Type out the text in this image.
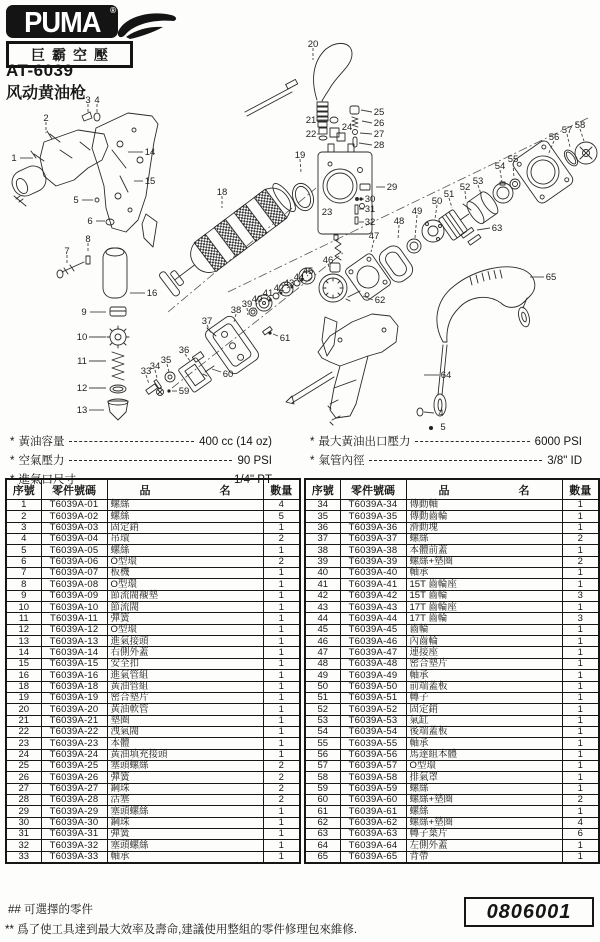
PUMA ®
巨霸空壓
AT-6039
风动黄油枪 3 4
2
1
14
15
5
6
8
7
9
10
11
12
13
16
18
20
21
22
24
25
26
27
28
19
23
29
30
31
32
33
34
35
36
37
38
39 40
41 42 43
44
45
59
60
61
46
47
48
49
50
51
52
53
54
55
56
57 58
62
63
65
64
4
5
* 黃油容量	400 cc (14 oz)
* 空氣壓力	90 PSI
* 進氣口尺寸	1/4" PT
* 最大黃油出口壓力	6000 PSI
* 氣管內徑	3/8" ID
序號	零件號碼	品 名	數量
1	T6039A-01	螺絲	4
2	T6039A-02	螺絲	5
3	T6039A-03	固定銷	1
4	T6039A-04	吊環	2
5	T6039A-05	螺絲	1
6	T6039A-06	O型環	2
7	T6039A-07	板機	1
8	T6039A-08	O型環	1
9	T6039A-09	節流閥襯墊	1
10	T6039A-10	節流閥	1
11	T6039A-11	彈簧	1
12	T6039A-12	O型環	1
13	T6039A-13	進氣接頭	1
14	T6039A-14	右側外蓋	1
15	T6039A-15	安全扣	1
16	T6039A-16	進氣管組	1
18	T6039A-18	黃油管組	1
19	T6039A-19	密合墊片	1
20	T6039A-20	黃油軟管	1
21	T6039A-21	墊圈	1
22	T6039A-22	洩氣閥	1
23	T6039A-23	本體	1
24	T6039A-24	黃油填充接頭	1
25	T6039A-25	塞頭螺絲	2
26	T6039A-26	彈簧	2
27	T6039A-27	鋼珠	2
28	T6039A-28	活塞	2
29	T6039A-29	塞頭螺絲	1
30	T6039A-30	鋼珠	1
31	T6039A-31	彈簧	1
32	T6039A-32	塞頭螺絲	1
33	T6039A-33	軸承	1
序號	零件號碼	品 名	數量
34	T6039A-34	傳動軸	1
35	T6039A-35	傳動齒輪	1
36	T6039A-36	滑動塊	1
37	T6039A-37	螺絲	2
38	T6039A-38	本體前蓋	1
39	T6039A-39	螺絲+墊圈	2
40	T6039A-40	軸承	1
41	T6039A-41	15T 齒輪座	1
42	T6039A-42	15T 齒輪	3
43	T6039A-43	17T 齒輪座	1
44	T6039A-44	17T 齒輪	3
45	T6039A-45	齒輪	1
46	T6039A-46	內齒輪	1
47	T6039A-47	連接座	1
48	T6039A-48	密合墊片	1
49	T6039A-49	軸承	1
50	T6039A-50	前端蓋板	1
51	T6039A-51	轉子	1
52	T6039A-52	固定銷	1
53	T6039A-53	氣缸	1
54	T6039A-54	後端蓋板	1
55	T6039A-55	軸承	1
56	T6039A-56	馬達組本體	1
57	T6039A-57	O型環	1
58	T6039A-58	排氣罩	1
59	T6039A-59	螺絲	1
60	T6039A-60	螺絲+墊圈	2
61	T6039A-61	螺絲	1
62	T6039A-62	螺絲+墊圈	4
63	T6039A-63	轉子葉片	6
64	T6039A-64	左側外蓋	1
65	T6039A-65	背帶	1
## 可選擇的零件
** 爲了使工具達到最大效率及壽命,建議使用整組的零件修理包來維修.
0806001
